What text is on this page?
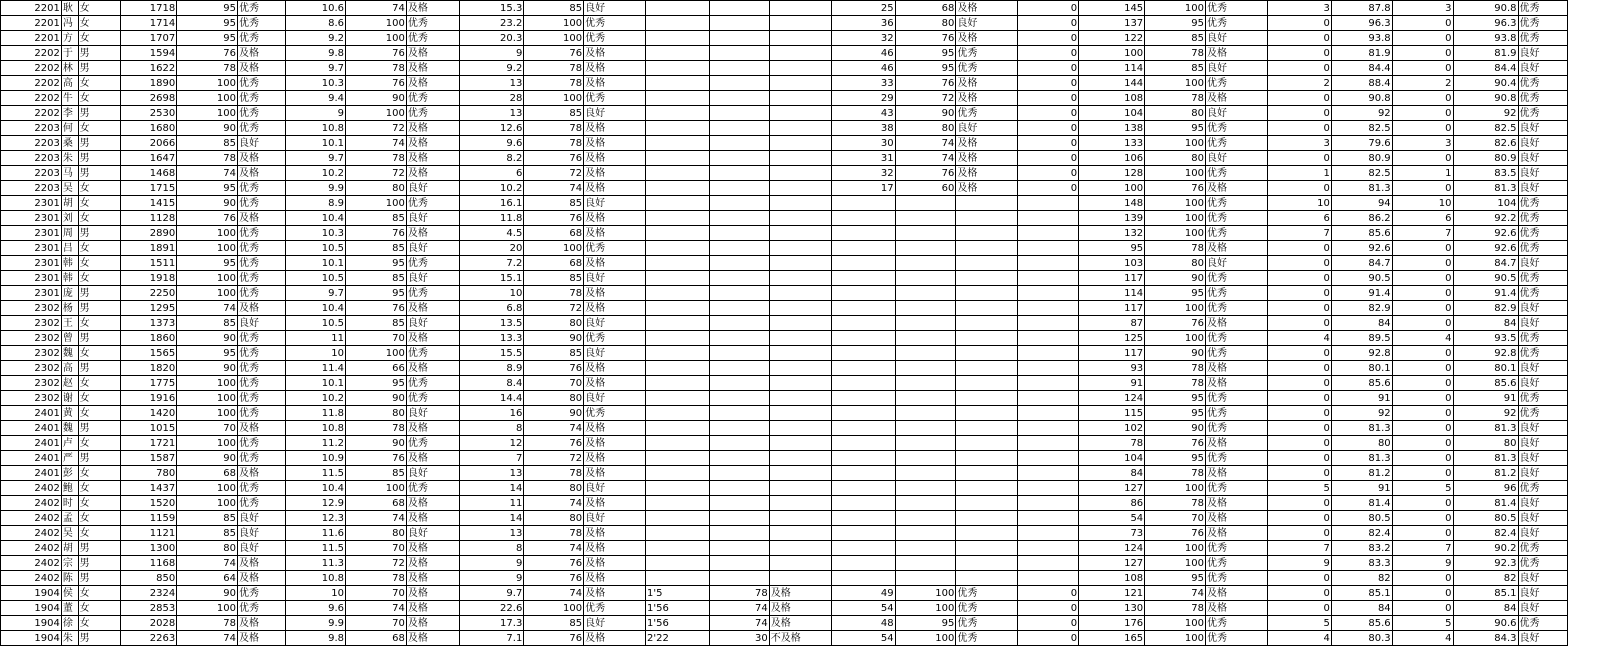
2201	耿	女	1718	95	优秀	10.6	74	及格	15.3	85	良好				25	68	及格	0	145	100	优秀	3	87.8	3	90.8	优秀
2201	冯	女	1714	95	优秀	8.6	100	优秀	23.2	100	优秀				36	80	良好	0	137	95	优秀	0	96.3	0	96.3	优秀
2201	方	女	1707	95	优秀	9.2	100	优秀	20.3	100	优秀				32	76	及格	0	122	85	良好	0	93.8	0	93.8	优秀
2202	于	男	1594	76	及格	9.8	76	及格	9	76	及格				46	95	优秀	0	100	78	及格	0	81.9	0	81.9	良好
2202	林	男	1622	78	及格	9.7	78	及格	9.2	78	及格				46	95	优秀	0	114	85	良好	0	84.4	0	84.4	良好
2202	高	女	1890	100	优秀	10.3	76	及格	13	78	及格				33	76	及格	0	144	100	优秀	2	88.4	2	90.4	优秀
2202	牛	女	2698	100	优秀	9.4	90	优秀	28	100	优秀				29	72	及格	0	108	78	及格	0	90.8	0	90.8	优秀
2202	李	男	2530	100	优秀	9	100	优秀	13	85	良好				43	90	优秀	0	104	80	良好	0	92	0	92	优秀
2203	何	女	1680	90	优秀	10.8	72	及格	12.6	78	及格				38	80	良好	0	138	95	优秀	0	82.5	0	82.5	良好
2203	桑	男	2066	85	良好	10.1	74	及格	9.6	78	及格				30	74	及格	0	133	100	优秀	3	79.6	3	82.6	良好
2203	朱	男	1647	78	及格	9.7	78	及格	8.2	76	及格				31	74	及格	0	106	80	良好	0	80.9	0	80.9	良好
2203	马	男	1468	74	及格	10.2	72	及格	6	72	及格				32	76	及格	0	128	100	优秀	1	82.5	1	83.5	良好
2203	吴	女	1715	95	优秀	9.9	80	良好	10.2	74	及格				17	60	及格	0	100	76	及格	0	81.3	0	81.3	良好
2301	胡	女	1415	90	优秀	8.9	100	优秀	16.1	85	良好								148	100	优秀	10	94	10	104	优秀
2301	刘	女	1128	76	及格	10.4	85	良好	11.8	76	及格								139	100	优秀	6	86.2	6	92.2	优秀
2301	周	男	2890	100	优秀	10.3	76	及格	4.5	68	及格								132	100	优秀	7	85.6	7	92.6	优秀
2301	吕	女	1891	100	优秀	10.5	85	良好	20	100	优秀								95	78	及格	0	92.6	0	92.6	优秀
2301	韩	女	1511	95	优秀	10.1	95	优秀	7.2	68	及格								103	80	良好	0	84.7	0	84.7	良好
2301	韩	女	1918	100	优秀	10.5	85	良好	15.1	85	良好								117	90	优秀	0	90.5	0	90.5	优秀
2301	庞	男	2250	100	优秀	9.7	95	优秀	10	78	及格								114	95	优秀	0	91.4	0	91.4	优秀
2302	杨	男	1295	74	及格	10.4	76	及格	6.8	72	及格								117	100	优秀	0	82.9	0	82.9	良好
2302	王	女	1373	85	良好	10.5	85	良好	13.5	80	良好								87	76	及格	0	84	0	84	良好
2302	曾	男	1860	90	优秀	11	70	及格	13.3	90	优秀								125	100	优秀	4	89.5	4	93.5	优秀
2302	魏	女	1565	95	优秀	10	100	优秀	15.5	85	良好								117	90	优秀	0	92.8	0	92.8	优秀
2302	高	男	1820	90	优秀	11.4	66	及格	8.9	76	及格								93	78	及格	0	80.1	0	80.1	良好
2302	赵	女	1775	100	优秀	10.1	95	优秀	8.4	70	及格								91	78	及格	0	85.6	0	85.6	良好
2302	谢	女	1916	100	优秀	10.2	90	优秀	14.4	80	良好								124	95	优秀	0	91	0	91	优秀
2401	黄	女	1420	100	优秀	11.8	80	良好	16	90	优秀								115	95	优秀	0	92	0	92	优秀
2401	魏	男	1015	70	及格	10.8	78	及格	8	74	及格								102	90	优秀	0	81.3	0	81.3	良好
2401	卢	女	1721	100	优秀	11.2	90	优秀	12	76	及格								78	76	及格	0	80	0	80	良好
2401	严	男	1587	90	优秀	10.9	76	及格	7	72	及格								104	95	优秀	0	81.3	0	81.3	良好
2401	彭	女	780	68	及格	11.5	85	良好	13	78	及格								84	78	及格	0	81.2	0	81.2	良好
2402	鲍	女	1437	100	优秀	10.4	100	优秀	14	80	良好								127	100	优秀	5	91	5	96	优秀
2402	时	女	1520	100	优秀	12.9	68	及格	11	74	及格								86	78	及格	0	81.4	0	81.4	良好
2402	孟	女	1159	85	良好	12.3	74	及格	14	80	良好								54	70	及格	0	80.5	0	80.5	良好
2402	吴	女	1121	85	良好	11.6	80	良好	13	78	及格								73	76	及格	0	82.4	0	82.4	良好
2402	胡	男	1300	80	良好	11.5	70	及格	8	74	及格								124	100	优秀	7	83.2	7	90.2	优秀
2402	宗	男	1168	74	及格	11.3	72	及格	9	76	及格								127	100	优秀	9	83.3	9	92.3	优秀
2402	陈	男	850	64	及格	10.8	78	及格	9	76	及格								108	95	优秀	0	82	0	82	良好
1904	侯	女	2324	90	优秀	10	70	及格	9.7	74	及格	1'5	78	及格	49	100	优秀	0	121	74	及格	0	85.1	0	85.1	良好
1904	董	女	2853	100	优秀	9.6	74	及格	22.6	100	优秀	1'56	74	及格	54	100	优秀	0	130	78	及格	0	84	0	84	良好
1904	徐	女	2028	78	及格	9.9	70	及格	17.3	85	良好	1'56	74	及格	48	95	优秀	0	176	100	优秀	5	85.6	5	90.6	优秀
1904	朱	男	2263	74	及格	9.8	68	及格	7.1	76	及格	2'22	30	不及格	54	100	优秀	0	165	100	优秀	4	80.3	4	84.3	良好
